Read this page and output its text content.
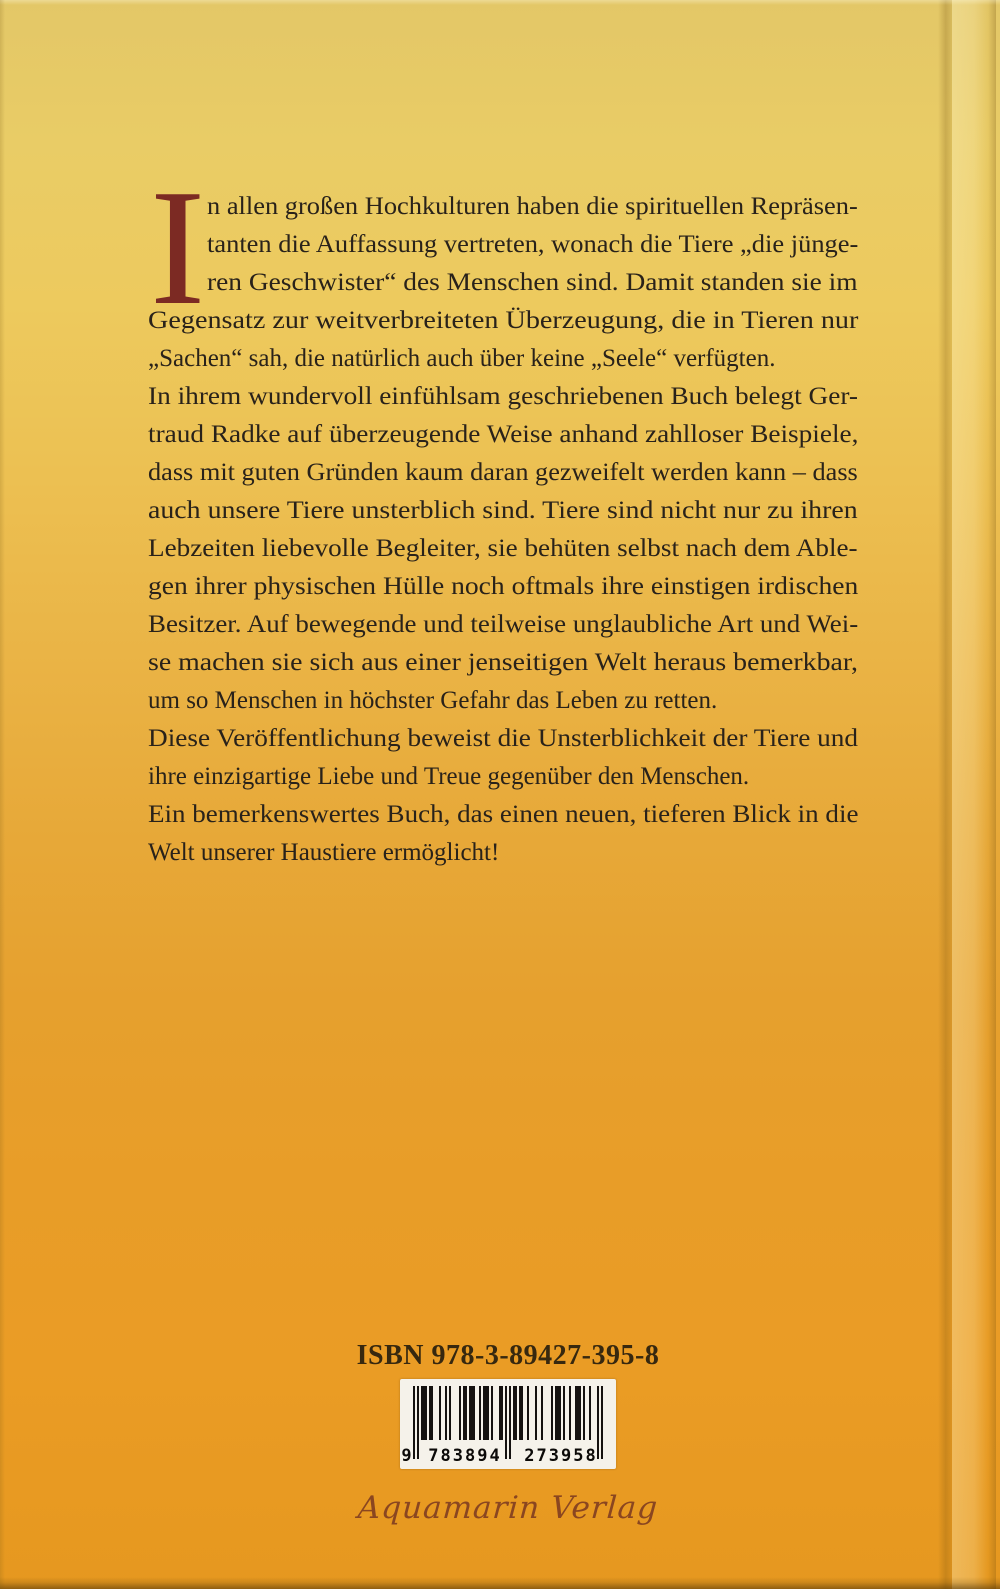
I n allen großen Hochkulturen haben die spirituellen Repräsen-
tanten die Auffassung vertreten, wonach die Tiere „die jünge-
ren Geschwister“ des Menschen sind. Damit standen sie im
Gegensatz zur weitverbreiteten Überzeugung, die in Tieren nur
„Sachen“ sah, die natürlich auch über keine „Seele“ verfügten.
In ihrem wundervoll einfühlsam geschriebenen Buch belegt Ger-
traud Radke auf überzeugende Weise anhand zahlloser Beispiele,
dass mit guten Gründen kaum daran gezweifelt werden kann – dass
auch unsere Tiere unsterblich sind. Tiere sind nicht nur zu ihren
Lebzeiten liebevolle Begleiter, sie behüten selbst nach dem Able-
gen ihrer physischen Hülle noch oftmals ihre einstigen irdischen
Besitzer. Auf bewegende und teilweise unglaubliche Art und Wei-
se machen sie sich aus einer jenseitigen Welt heraus bemerkbar,
um so Menschen in höchster Gefahr das Leben zu retten.
Diese Veröffentlichung beweist die Unsterblichkeit der Tiere und
ihre einzigartige Liebe und Treue gegenüber den Menschen.
Ein bemerkenswertes Buch, das einen neuen, tieferen Blick in die
Welt unserer Haustiere ermöglicht!
ISBN 978-3-89427-395-8
9 783894	273958
Aquamarin Verlag
